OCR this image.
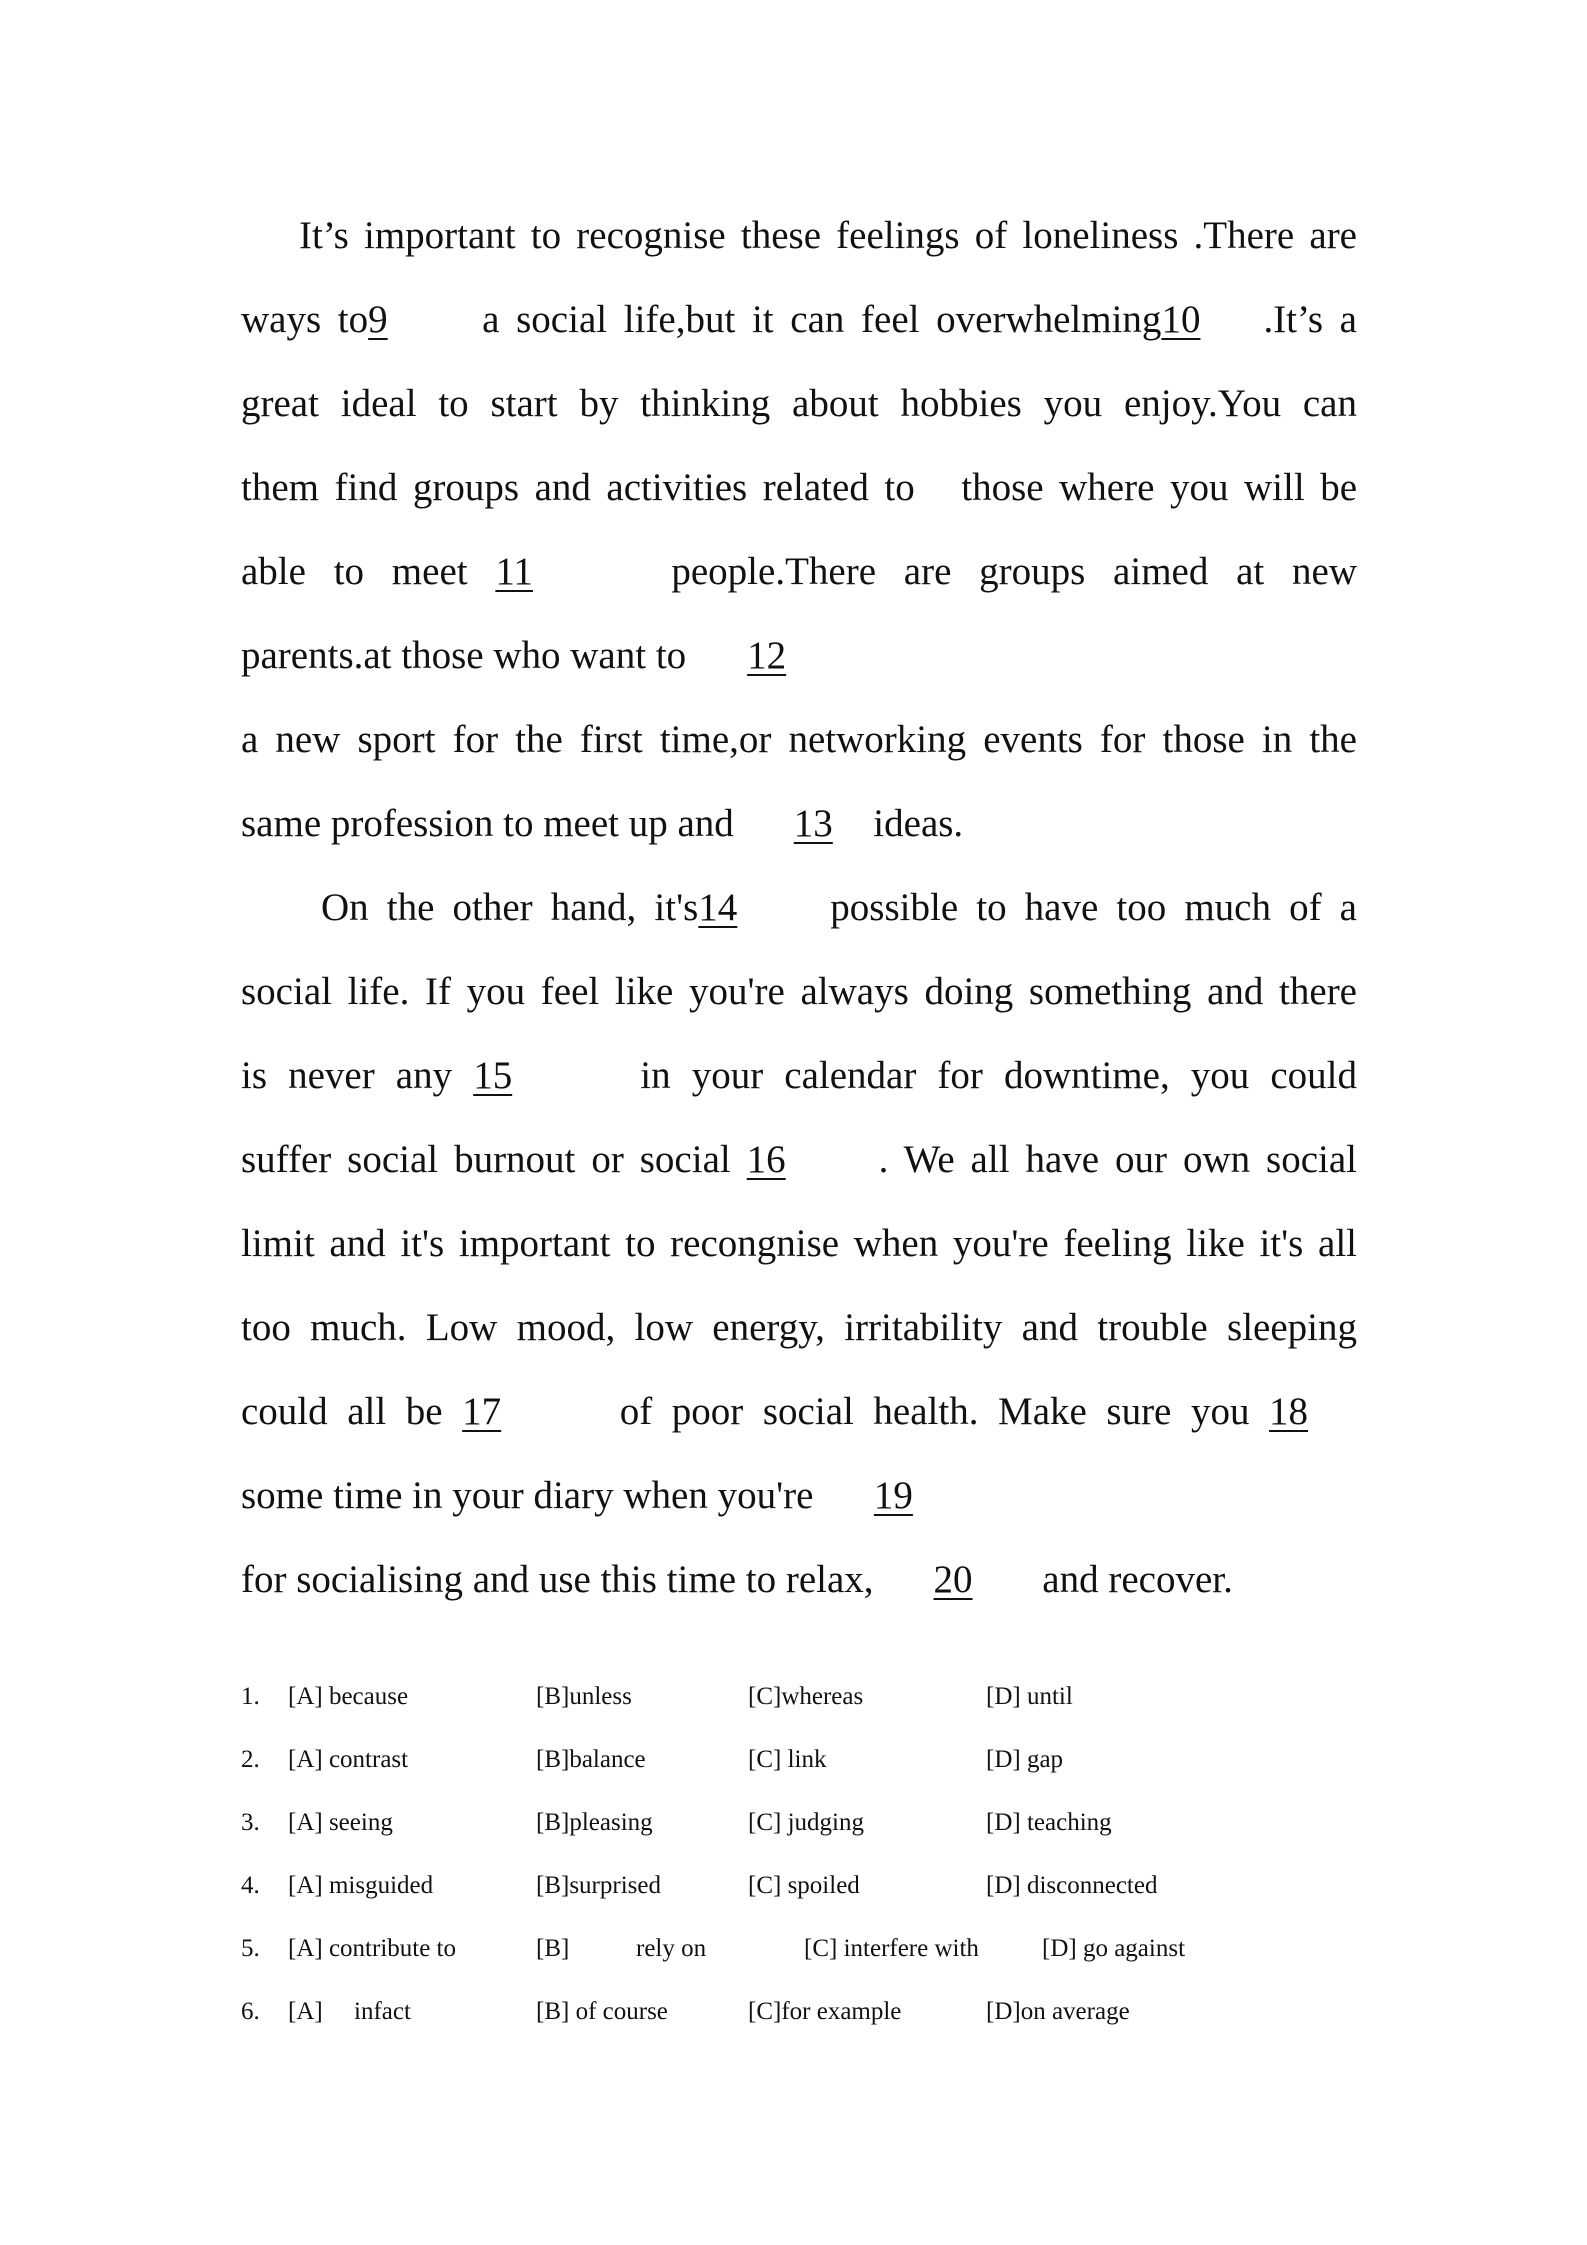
It’s important to recognise these feelings of loneliness .There are
ways to9 a social life,but it can feel overwhelming10 .It’s a
great ideal to start by thinking about hobbies you enjoy.You can
them find groups and activities related to   those where you will be
able to meet 11	people.There are groups aimed at new
parents.at those who want to 12
a new sport for the first time,or networking events for those in the
same profession to meet up and 13 ideas.
On the other hand, it's14 possible to have too much of a
social life. If you feel like you're always doing something and there
is never any 15	in your calendar for downtime, you could
suffer social burnout or social 16 . We all have our own social
limit and it's important to recongnise when you're feeling like it's all
too much. Low mood, low energy, irritability and trouble sleeping
could all be 17	of poor social health. Make sure you 18
some time in your diary when you're 19
for socialising and use this time to relax, 20 and recover.
1. [A] because	[B]unless	[C]whereas	[D] until
2. [A] contrast	[B]balance	[C] link	[D] gap
3. [A] seeing	[B]pleasing	[C] judging	[D] teaching
4. [A] misguided	[B]surprised	[C] spoiled	[D] disconnected
5. [A] contribute to	[B]	rely on	[C] interfere with	[D] go against
6. [A] infact	[B] of course	[C]for example	[D]on average
